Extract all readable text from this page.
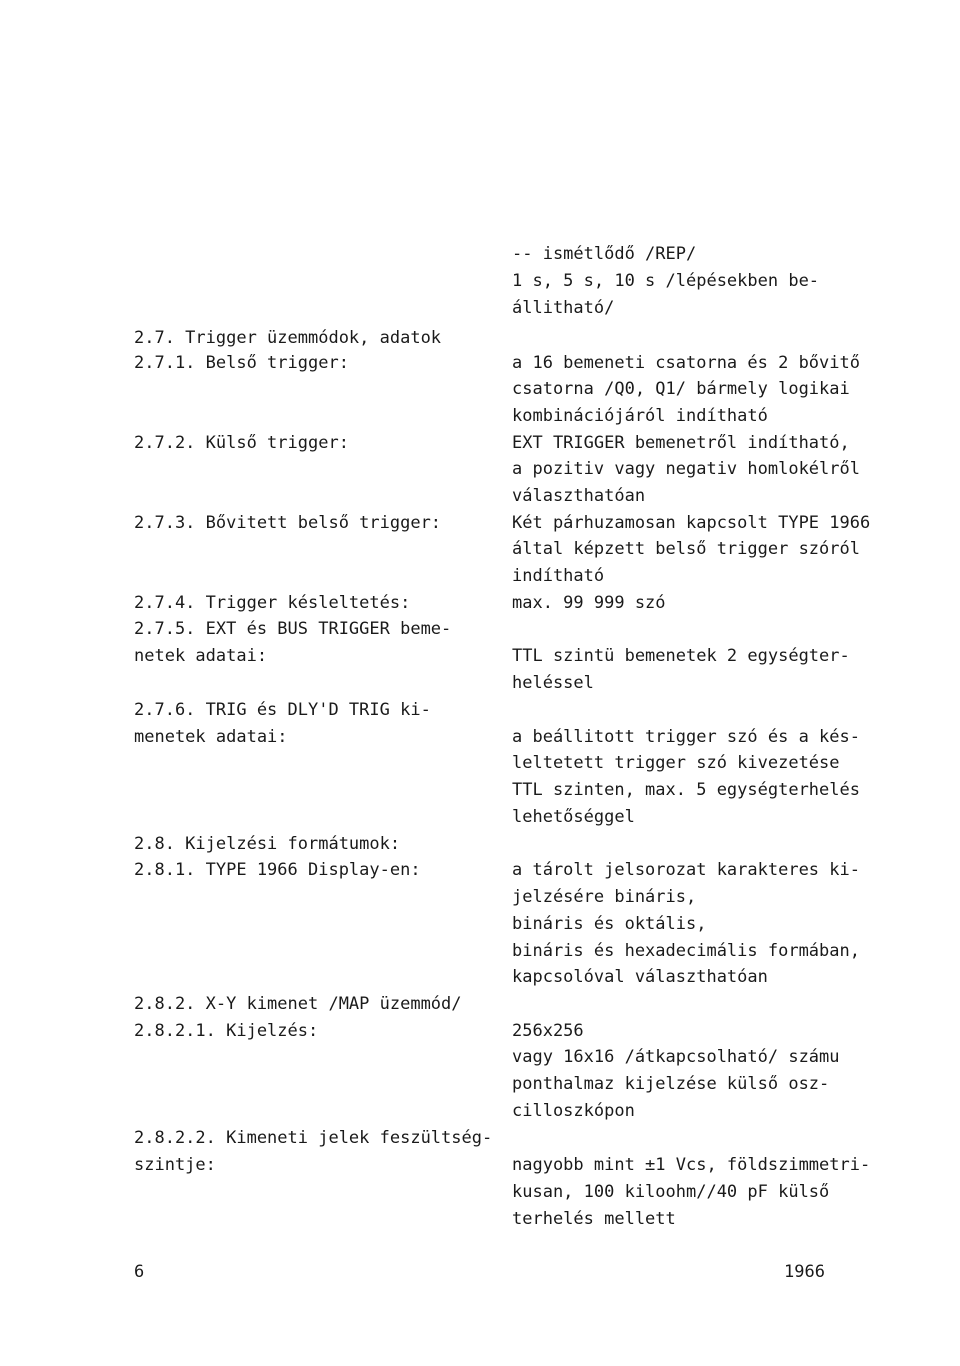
-- ismétlődő /REP/
1 s, 5 s, 10 s /lépésekben be-
állitható/
2.7. Trigger üzemmódok, adatok
2.7.1. Belső trigger:	a 16 bemeneti csatorna és 2 bővitő
csatorna /Q0, Q1/ bármely logikai
kombinációjáról indítható
2.7.2. Külső trigger:	EXT TRIGGER bemenetről indítható,
a pozitiv vagy negativ homlokélről
választhatóan
2.7.3. Bővitett belső trigger:	Két párhuzamosan kapcsolt TYPE 1966
által képzett belső trigger szóról
indítható
2.7.4. Trigger késleltetés:	max. 99 999 szó
2.7.5. EXT és BUS TRIGGER beme-
netek adatai:	TTL szintü bemenetek 2 egységter-
heléssel
2.7.6. TRIG és DLY'D TRIG ki-
menetek adatai:	a beállitott trigger szó és a kés-
leltetett trigger szó kivezetése
TTL szinten, max. 5 egységterhelés
lehetőséggel
2.8. Kijelzési formátumok:
2.8.1. TYPE 1966 Display-en:	a tárolt jelsorozat karakteres ki-
jelzésére bináris,
bináris és oktális,
bináris és hexadecimális formában,
kapcsolóval választhatóan
2.8.2. X-Y kimenet /MAP üzemmód/
2.8.2.1. Kijelzés:	256x256
vagy 16x16 /átkapcsolható/ számu
ponthalmaz kijelzése külső osz-
cilloszkópon
2.8.2.2. Kimeneti jelek feszültség-
szintje:	nagyobb mint ±1 Vcs, földszimmetri-
kusan, 100 kiloohm//40 pF külső
terhelés mellett
6	1966
